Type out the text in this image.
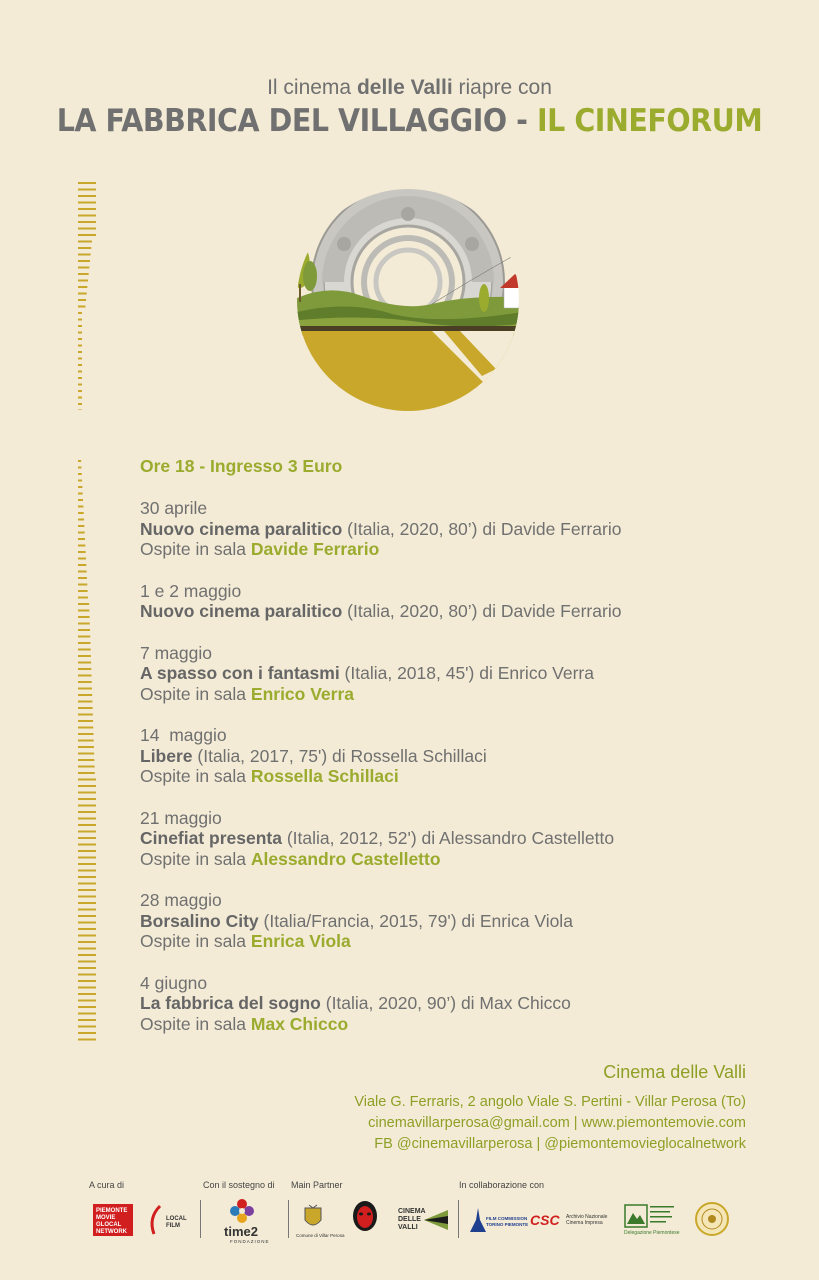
Il cinema delle Valli riapre con
LA FABBRICA DEL VILLAGGIO - IL CINEFORUM
Ore 18 - Ingresso 3 Euro
30 aprile
Nuovo cinema paralitico (Italia, 2020, 80’) di Davide Ferrario
Ospite in sala Davide Ferrario
1 e 2 maggio
Nuovo cinema paralitico (Italia, 2020, 80’) di Davide Ferrario
7 maggio
A spasso con i fantasmi (Italia, 2018, 45') di Enrico Verra
Ospite in sala Enrico Verra
14  maggio
Libere (Italia, 2017, 75') di Rossella Schillaci
Ospite in sala Rossella Schillaci
21 maggio
Cinefiat presenta (Italia, 2012, 52') di Alessandro Castelletto
Ospite in sala Alessandro Castelletto
28 maggio
Borsalino City (Italia/Francia, 2015, 79') di Enrica Viola
Ospite in sala Enrica Viola
4 giugno
La fabbrica del sogno (Italia, 2020, 90’) di Max Chicco
Ospite in sala Max Chicco
Cinema delle Valli
Viale G. Ferraris, 2 angolo Viale S. Pertini - Villar Perosa (To)
cinemavillarperosa@gmail.com | www.piemontemovie.com
FB @cinemavillarperosa | @piemontemovieglocalnetwork
A cura di	Con il sostegno di Main Partner	In collaborazione con
PIEMONTE
MOVIE
GLOCAL
NETWORK
LOCAL
FILM	time2
FONDAZIONE
Comune di Villar Perosa
CINEMA
DELLE
VALLI
FILM COMMISSION
TORINO PIEMONTE CSC Archivio Nazionale
Cinema Impresa
Delegazione Piemontese
